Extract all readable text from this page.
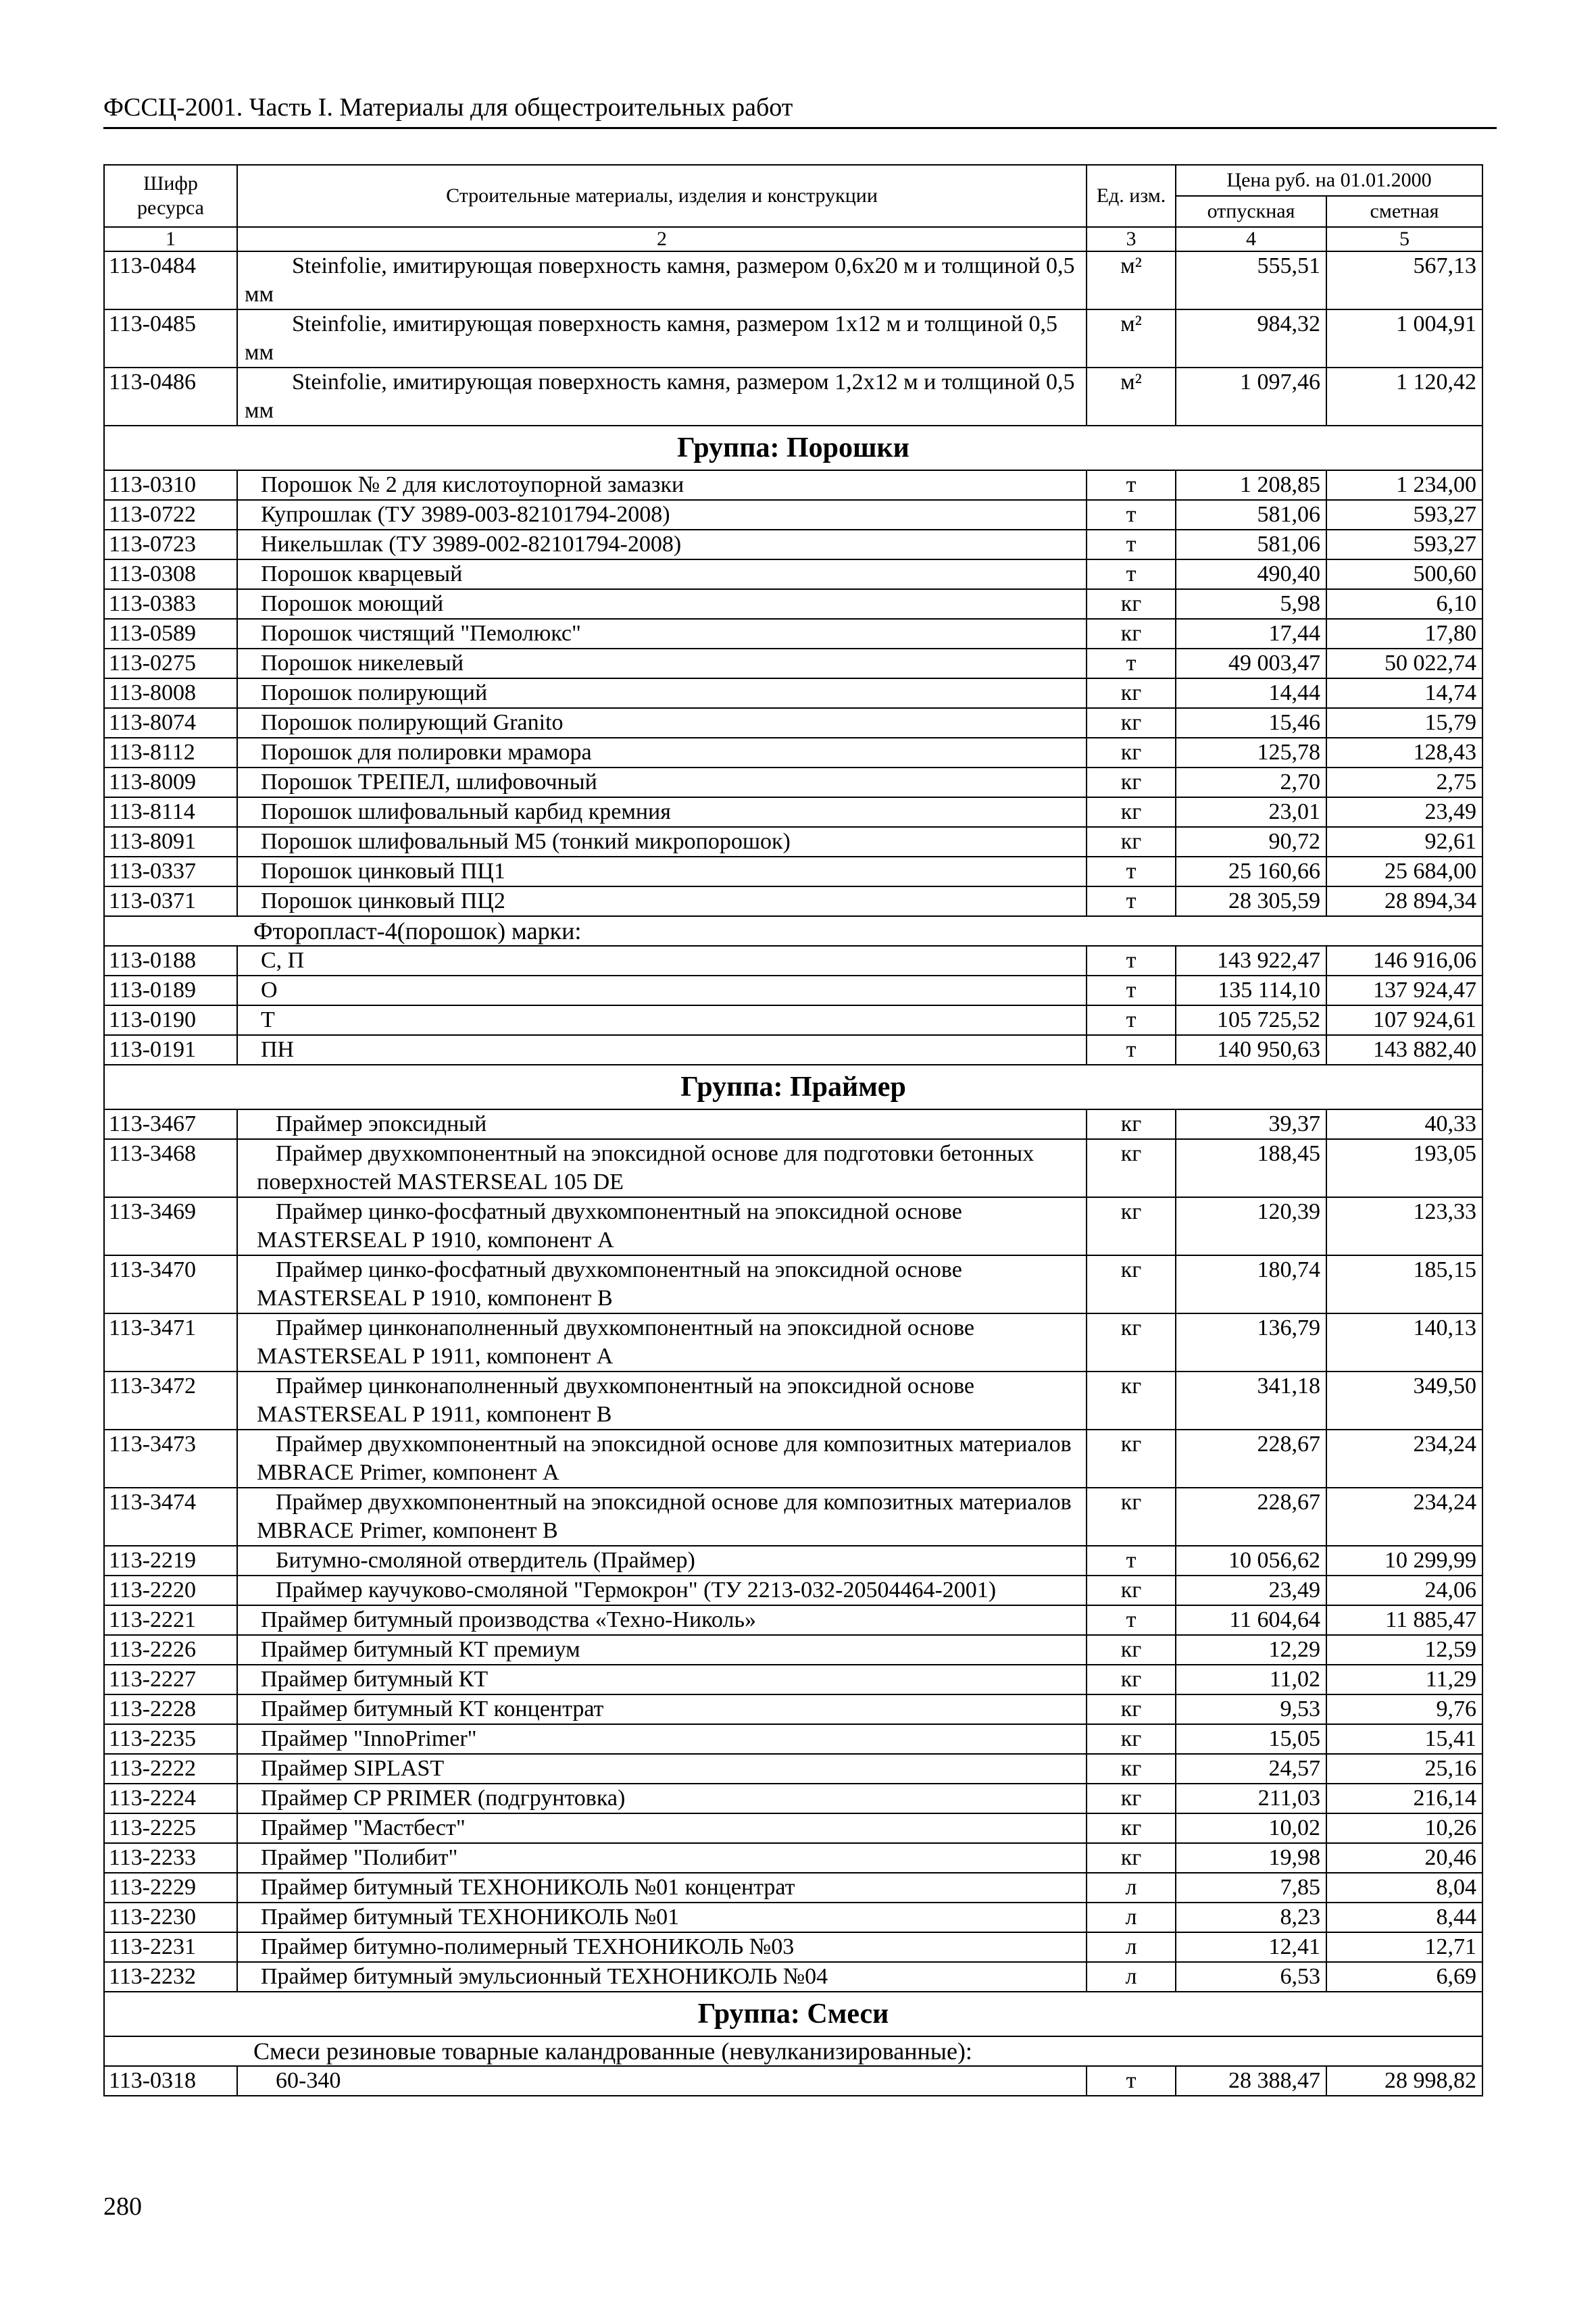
ФССЦ-2001. Часть I. Материалы для общестроительных работ
Шифр ресурса	Строительные материалы, изделия и конструкции	Ед. изм.	Цена руб. на 01.01.2000	
			отпускная	сметная
1	2	3	4	5
113-0484	Steinfolie, имитирующая поверхность камня, размером 0,6х20 м и толщиной 0,5 мм	м²	555,51	567,13
113-0485	Steinfolie, имитирующая поверхность камня, размером 1х12 м и толщиной 0,5 мм	м²	984,32	1 004,91
113-0486	Steinfolie, имитирующая поверхность камня, размером 1,2х12 м и толщиной 0,5 мм	м²	1 097,46	1 120,42
Группа: Порошки				
113-0310	Порошок № 2 для кислотоупорной замазки	т	1 208,85	1 234,00
113-0722	Купрошлак (ТУ 3989-003-82101794-2008)	т	581,06	593,27
113-0723	Никельшлак (ТУ 3989-002-82101794-2008)	т	581,06	593,27
113-0308	Порошок кварцевый	т	490,40	500,60
113-0383	Порошок моющий	кг	5,98	6,10
113-0589	Порошок чистящий "Пемолюкс"	кг	17,44	17,80
113-0275	Порошок никелевый	т	49 003,47	50 022,74
113-8008	Порошок полирующий	кг	14,44	14,74
113-8074	Порошок полирующий Granito	кг	15,46	15,79
113-8112	Порошок для полировки мрамора	кг	125,78	128,43
113-8009	Порошок ТРЕПЕЛ, шлифовочный	кг	2,70	2,75
113-8114	Порошок шлифовальный карбид кремния	кг	23,01	23,49
113-8091	Порошок шлифовальный М5 (тонкий микропорошок)	кг	90,72	92,61
113-0337	Порошок цинковый ПЦ1	т	25 160,66	25 684,00
113-0371	Порошок цинковый ПЦ2	т	28 305,59	28 894,34
Фторопласт-4(порошок) марки:				
113-0188	С, П	т	143 922,47	146 916,06
113-0189	О	т	135 114,10	137 924,47
113-0190	Т	т	105 725,52	107 924,61
113-0191	ПН	т	140 950,63	143 882,40
Группа: Праймер				
113-3467	Праймер эпоксидный	кг	39,37	40,33
113-3468	Праймер двухкомпонентный на эпоксидной основе для подготовки бетонных поверхностей MASTERSEAL 105 DE	кг	188,45	193,05
113-3469	Праймер цинко-фосфатный двухкомпонентный на эпоксидной основе MASTERSEAL P 1910, компонент А	кг	120,39	123,33
113-3470	Праймер цинко-фосфатный двухкомпонентный на эпоксидной основе MASTERSEAL P 1910, компонент В	кг	180,74	185,15
113-3471	Праймер цинконаполненный двухкомпонентный на эпоксидной основе MASTERSEAL P 1911, компонент А	кг	136,79	140,13
113-3472	Праймер цинконаполненный двухкомпонентный на эпоксидной основе MASTERSEAL P 1911, компонент В	кг	341,18	349,50
113-3473	Праймер двухкомпонентный на эпоксидной основе для композитных материалов MBRACE Primer, компонент А	кг	228,67	234,24
113-3474	Праймер двухкомпонентный на эпоксидной основе для композитных материалов MBRACE Primer, компонент В	кг	228,67	234,24
113-2219	Битумно-смоляной отвердитель (Праймер)	т	10 056,62	10 299,99
113-2220	Праймер каучуково-смоляной "Гермокрон" (ТУ 2213-032-20504464-2001)	кг	23,49	24,06
113-2221	Праймер битумный производства «Техно-Николь»	т	11 604,64	11 885,47
113-2226	Праймер битумный КТ премиум	кг	12,29	12,59
113-2227	Праймер битумный КТ	кг	11,02	11,29
113-2228	Праймер битумный КТ концентрат	кг	9,53	9,76
113-2235	Праймер "InnoPrimer"	кг	15,05	15,41
113-2222	Праймер SIPLAST	кг	24,57	25,16
113-2224	Праймер CP PRIMER (подгрунтовка)	кг	211,03	216,14
113-2225	Праймер "Мастбест"	кг	10,02	10,26
113-2233	Праймер "Полибит"	кг	19,98	20,46
113-2229	Праймер битумный ТЕХНОНИКОЛЬ №01 концентрат	л	7,85	8,04
113-2230	Праймер битумный ТЕХНОНИКОЛЬ №01	л	8,23	8,44
113-2231	Праймер битумно-полимерный ТЕХНОНИКОЛЬ №03	л	12,41	12,71
113-2232	Праймер битумный эмульсионный ТЕХНОНИКОЛЬ №04	л	6,53	6,69
Группа: Смеси				
Смеси резиновые товарные каландрованные (невулканизированные):				
113-0318	60-340	т	28 388,47	28 998,82
280
